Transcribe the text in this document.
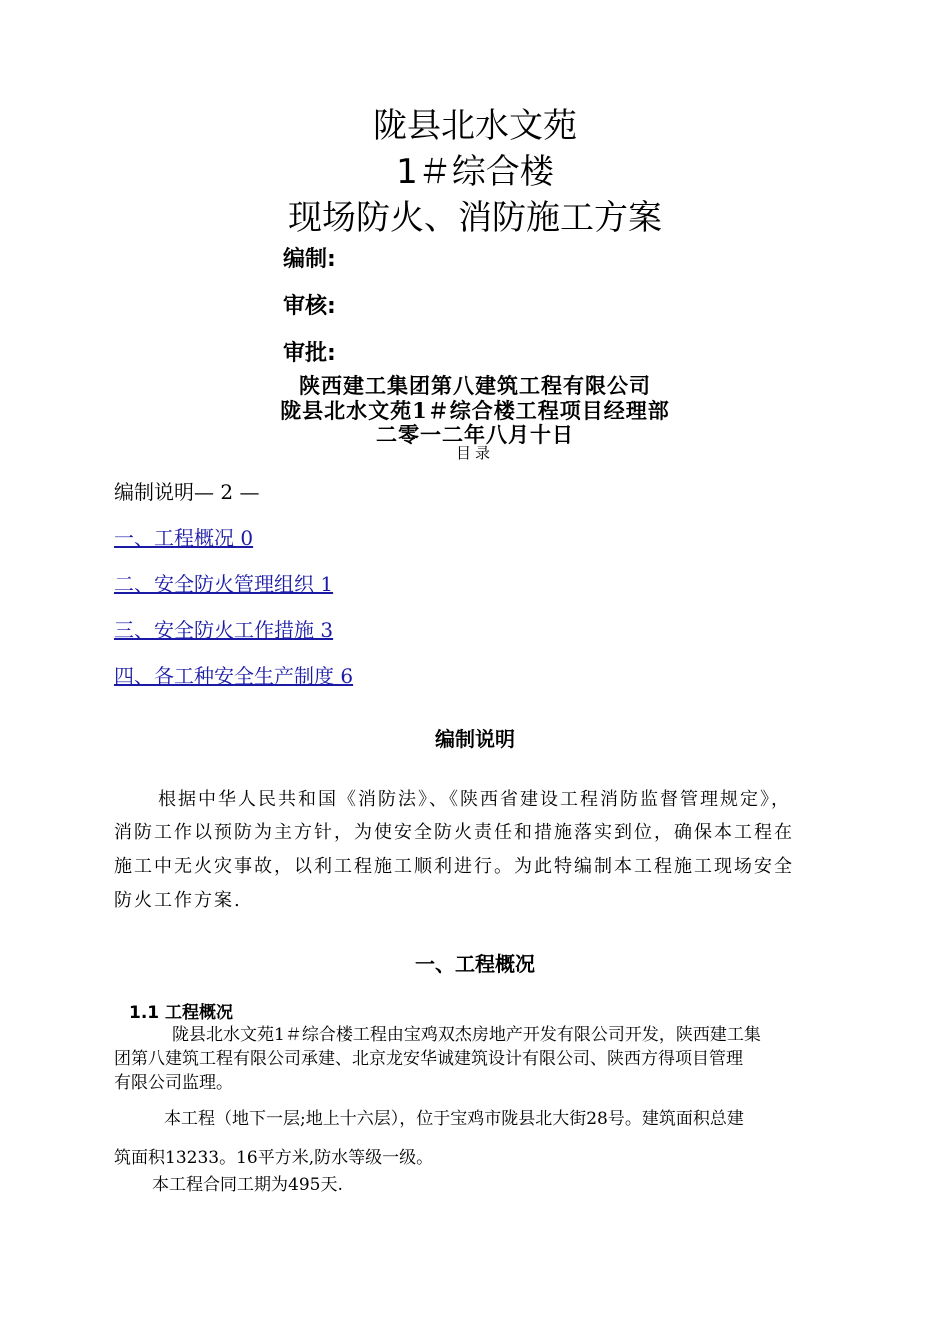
陇县北水文苑
1＃综合楼
现场防火、消防施工方案
编制:
审核:
审批:
陕西建工集团第八建筑工程有限公司
陇县北水文苑1＃综合楼工程项目经理部
二零一二年八月十日
目录
编制说明— 2 —
一、工程概况 0
二、安全防火管理组织 1
三、安全防火工作措施 3
四、各工种安全生产制度 6
编制说明
根据中华人民共和国《消防法》、《陕西省建设工程消防监督管理规定》，
消防工作以预防为主方针，为使安全防火责任和措施落实到位，确保本工程在
施工中无火灾事故，以利工程施工顺利进行。为此特编制本工程施工现场安全
防火工作方案.
一、工程概况
1.1 工程概况
陇县北水文苑1＃综合楼工程由宝鸡双杰房地产开发有限公司开发，陕西建工集
团第八建筑工程有限公司承建、北京龙安华诚建筑设计有限公司、陕西方得项目管理
有限公司监理。
本工程（地下一层;地上十六层），位于宝鸡市陇县北大街28号。建筑面积总建
筑面积13233。16平方米,防水等级一级。
本工程合同工期为495天.
